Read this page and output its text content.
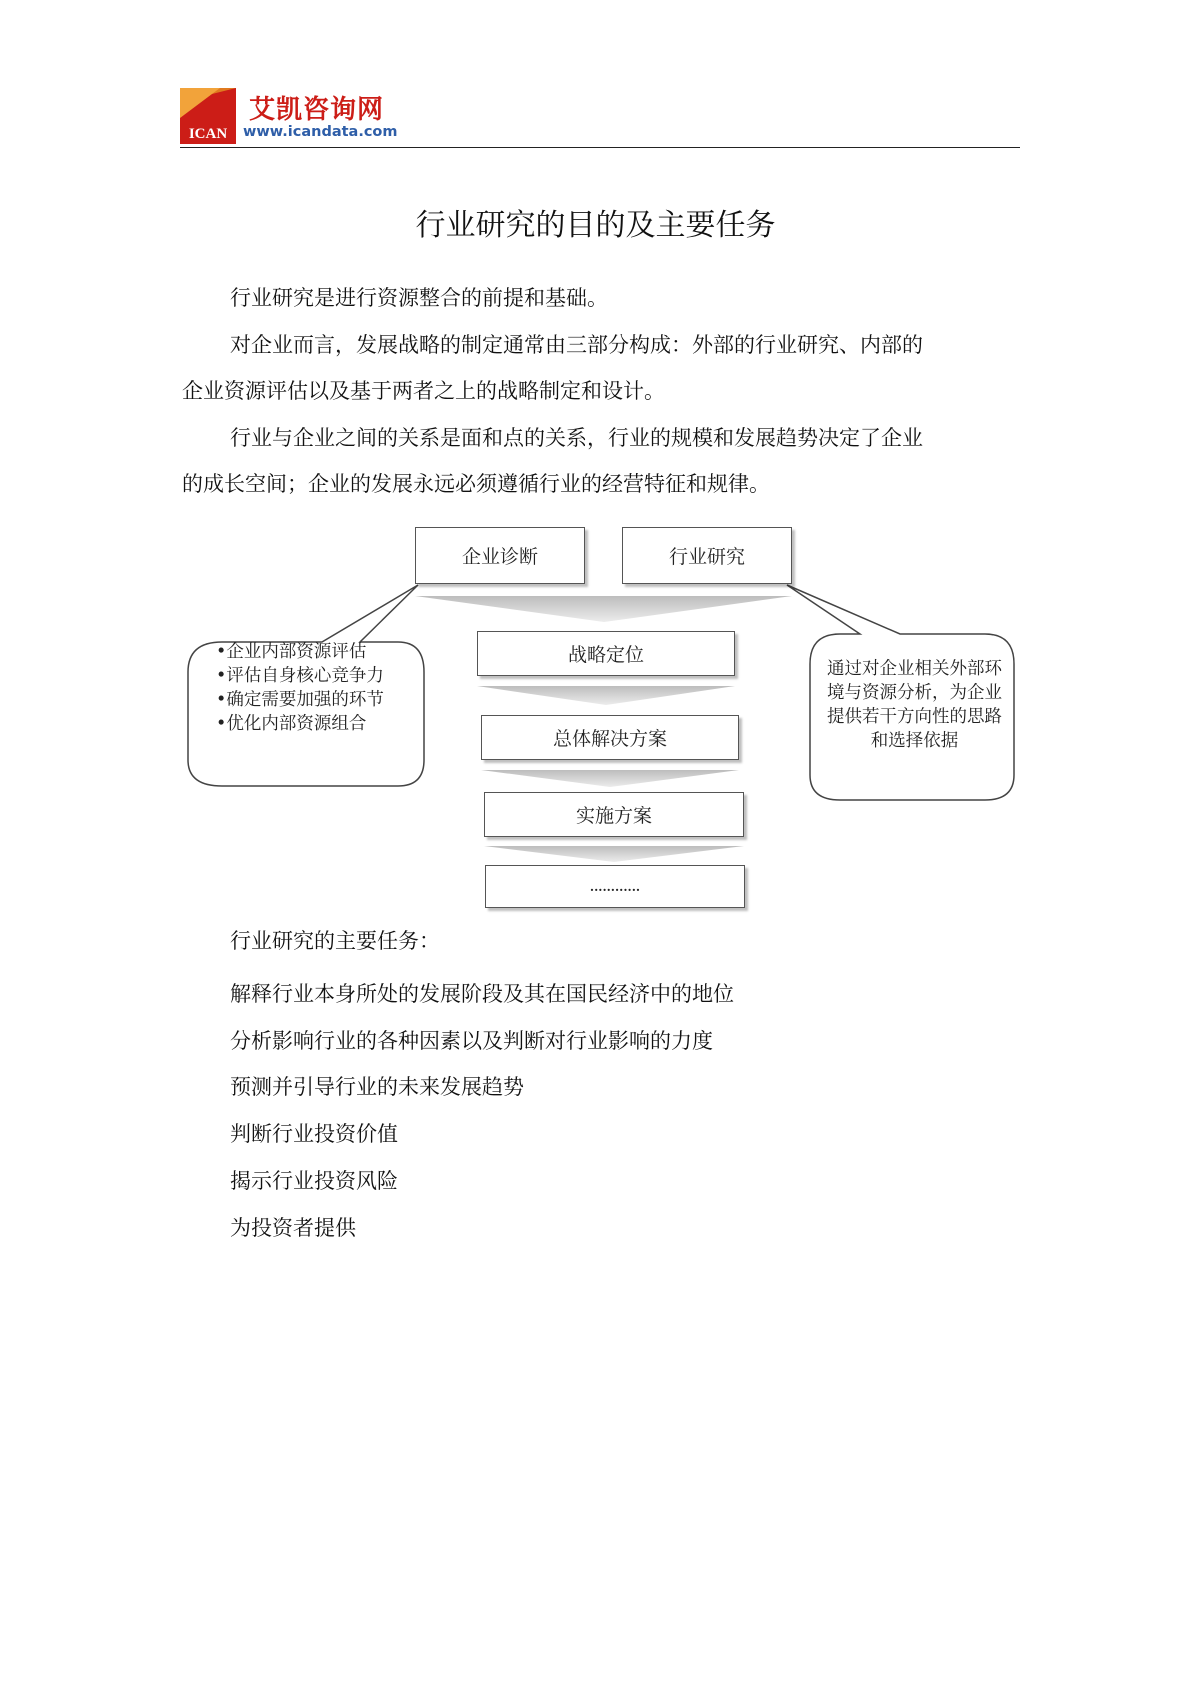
ICAN
艾凯咨询网
www.icandata.com
行业研究的目的及主要任务
行业研究是进行资源整合的前提和基础。
对企业而言，发展战略的制定通常由三部分构成：外部的行业研究、内部的
企业资源评估以及基于两者之上的战略制定和设计。
行业与企业之间的关系是面和点的关系，行业的规模和发展趋势决定了企业
的成长空间；企业的发展永远必须遵循行业的经营特征和规律。
企业诊断	行业研究
战略定位
总体解决方案
实施方案
............
•企业内部资源评估
•评估自身核心竞争力
•确定需要加强的环节
•优化内部资源组合
通过对企业相关外部环境与资源分析，为企业提供若干方向性的思路和选择依据
行业研究的主要任务：
解释行业本身所处的发展阶段及其在国民经济中的地位
分析影响行业的各种因素以及判断对行业影响的力度
预测并引导行业的未来发展趋势
判断行业投资价值
揭示行业投资风险
为投资者提供
